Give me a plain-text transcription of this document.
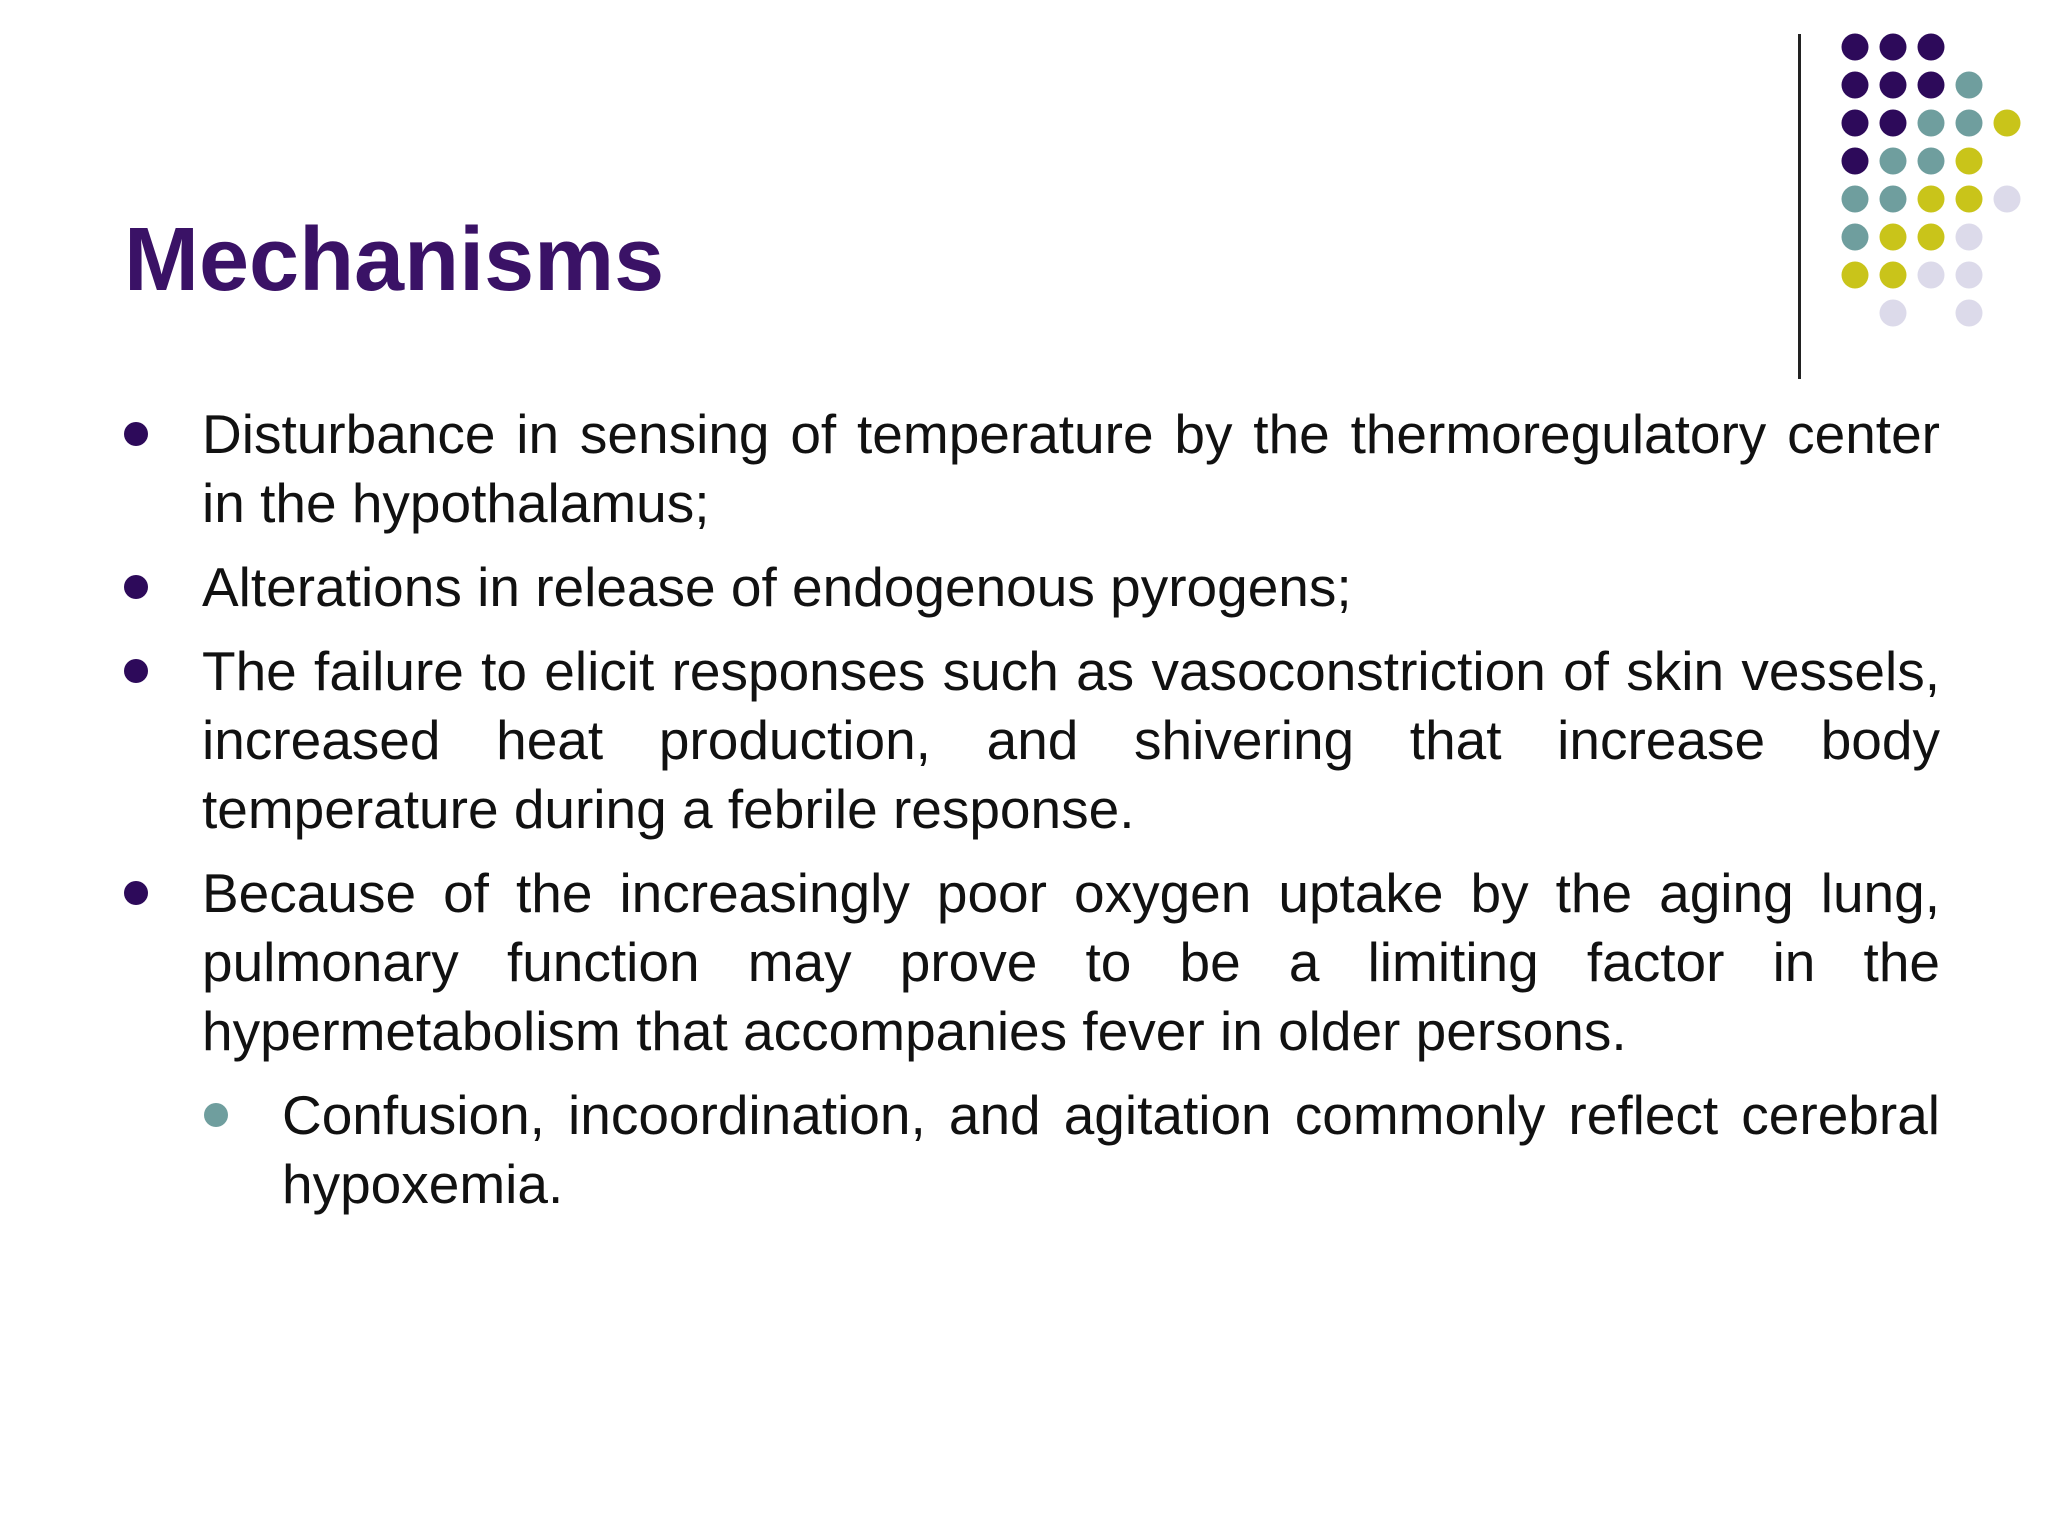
Mechanisms
Disturbance in sensing of temperature by the thermoregulatory center in the hypothalamus;
Alterations in release of endogenous pyrogens;
The failure to elicit responses such as vasoconstriction of skin vessels, increased heat production, and shivering that increase body temperature during a febrile response.
Because of the increasingly poor oxygen uptake by the aging lung, pulmonary function may prove to be a limiting factor in the hypermetabolism that accompanies fever in older persons.
Confusion, incoordination, and agitation commonly reflect cerebral hypoxemia.
